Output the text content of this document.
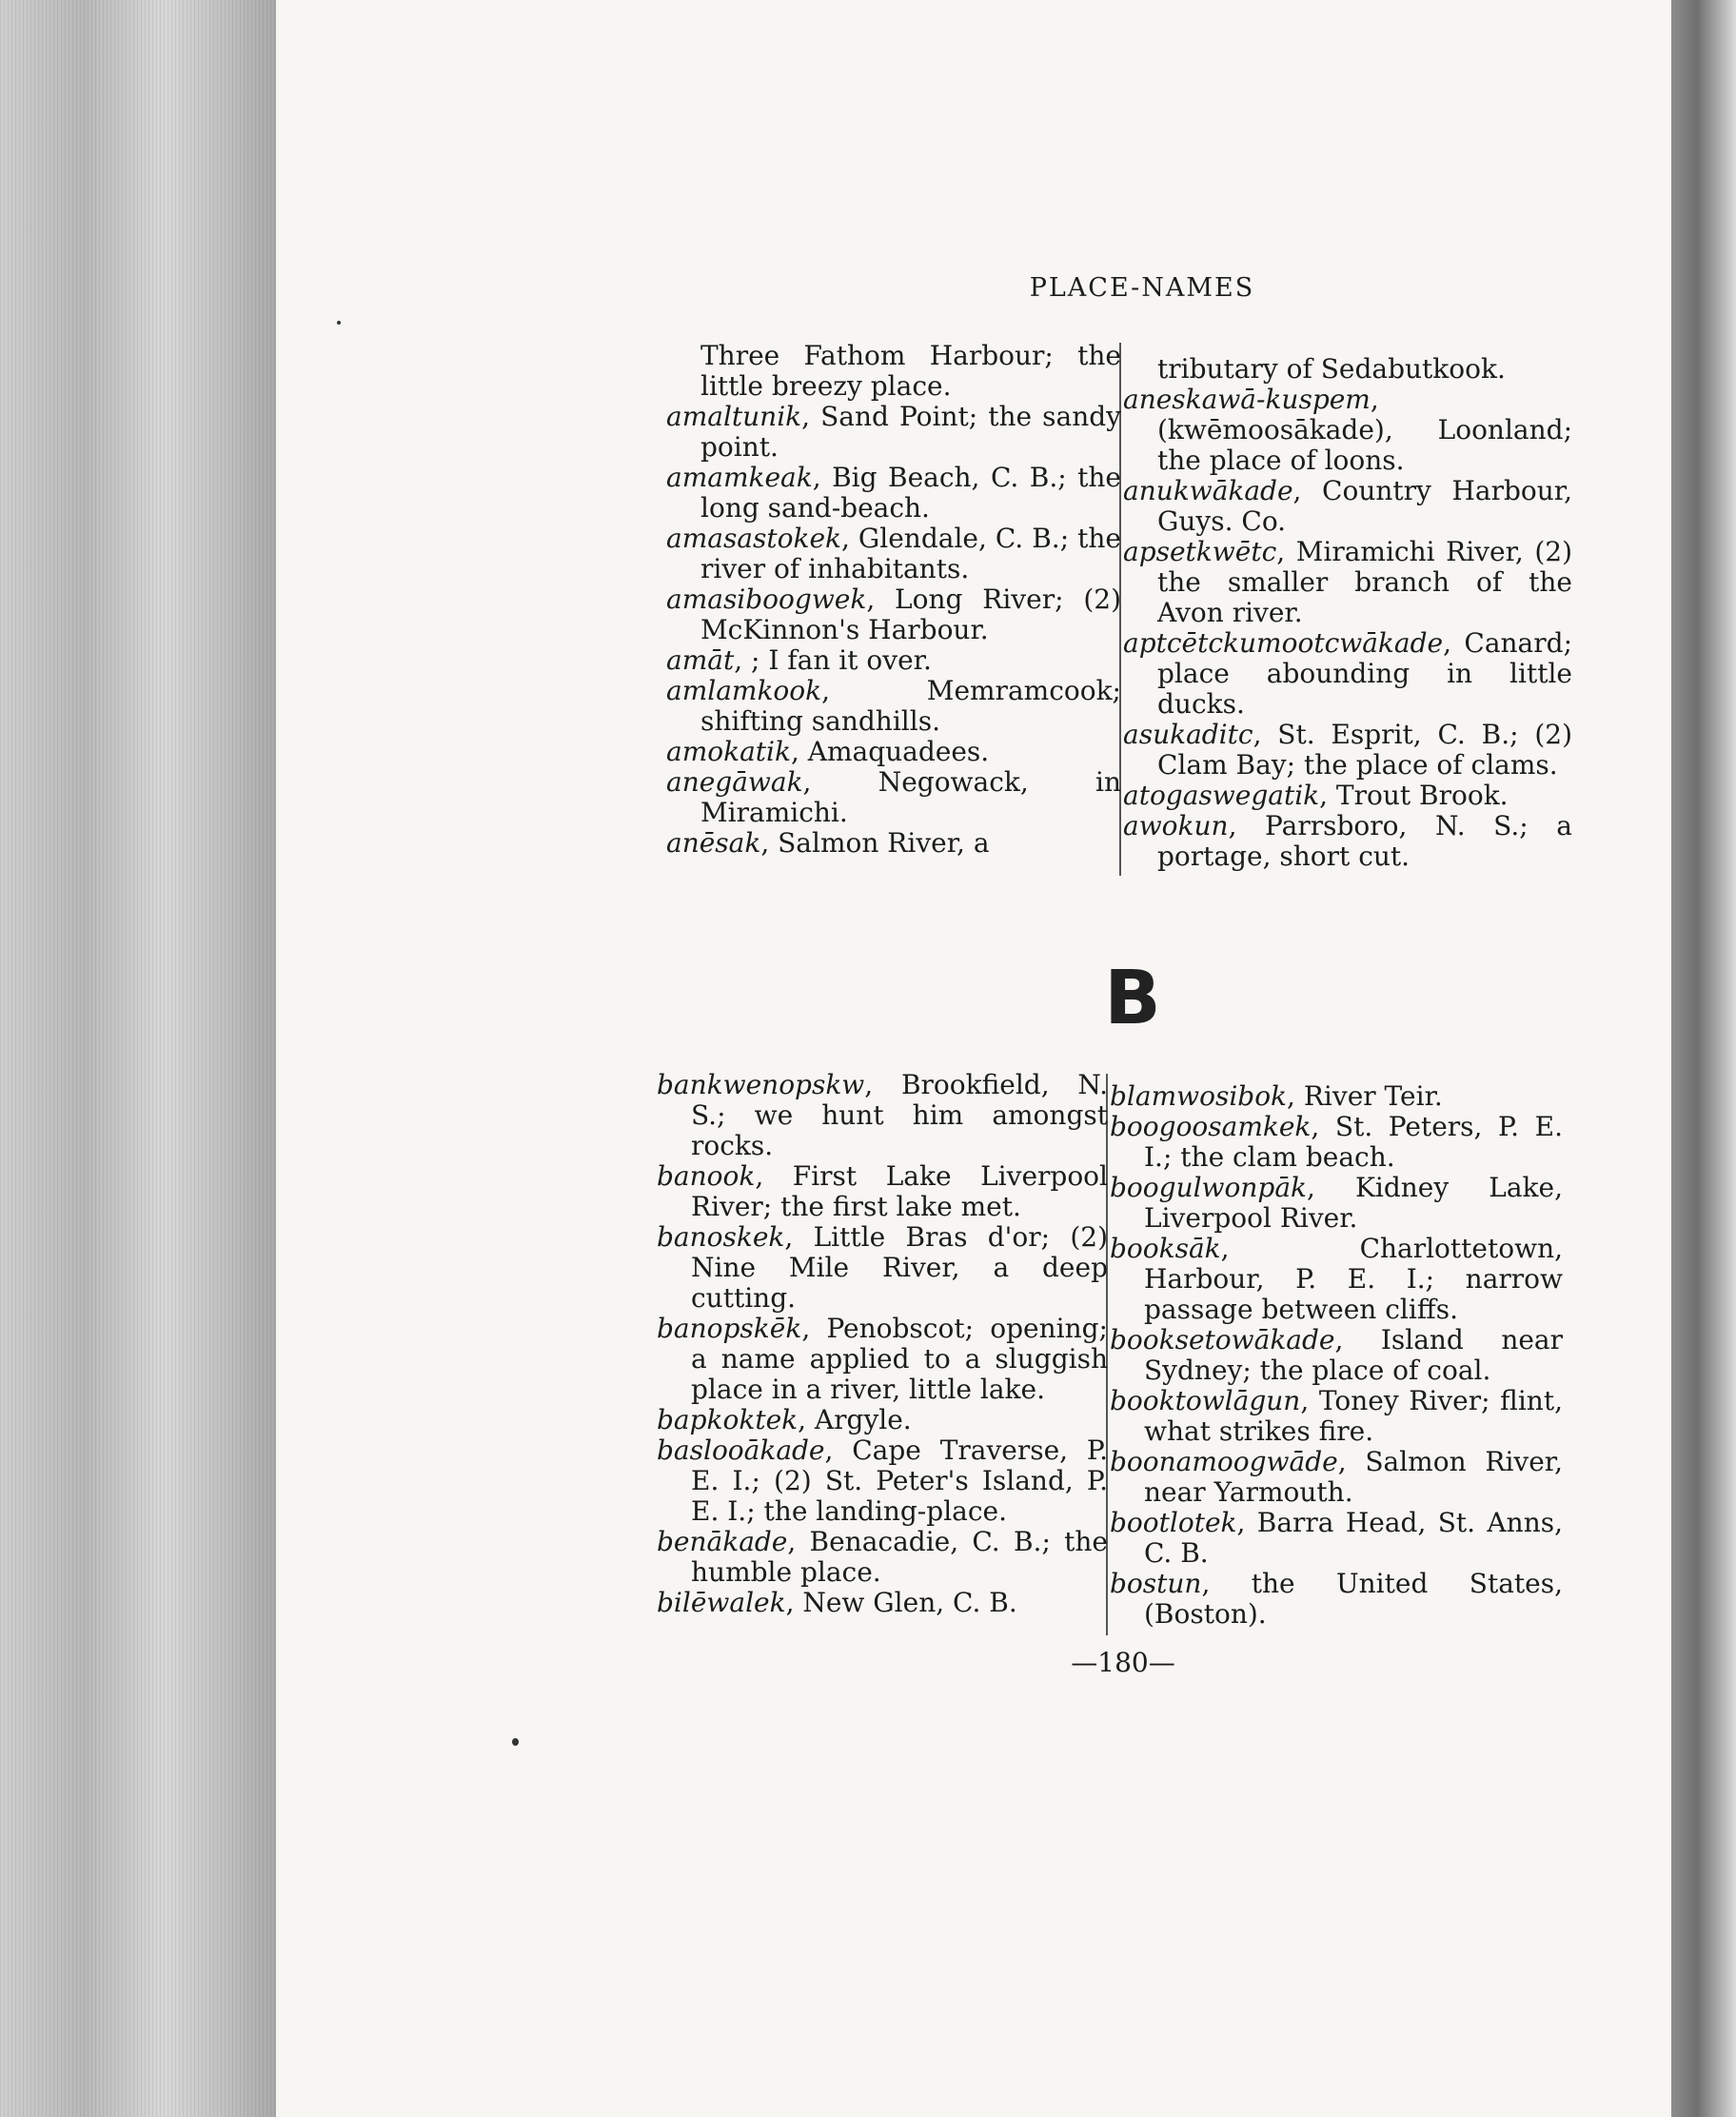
PLACE-NAMES
Three Fathom Harbour; the little breezy place.
amaltunik, Sand Point; the sandy point.
amamkeak, Big Beach, C. B.; the long sand-beach.
amasastokek, Glendale, C. B.; the river of inhabitants.
amasiboogwek, Long River; (2) McKinnon's Harbour.
amāt, ; I fan it over.
amlamkook, Memramcook; shifting sandhills.
amokatik, Amaquadees.
anegāwak, Negowack, in Miramichi.
anēsak, Salmon River, a
tributary of Sedabutkook.
aneskawā-kuspem, (kwēmoosākade), Loonland; the place of loons.
anukwākade, Country Harbour, Guys. Co.
apsetkwētc, Miramichi River, (2) the smaller branch of the Avon river.
aptcētckumootcwākade, Canard; place abounding in little ducks.
asukaditc, St. Esprit, C. B.; (2) Clam Bay; the place of clams.
atogaswegatik, Trout Brook.
awokun, Parrsboro, N. S.; a portage, short cut.
B
bankwenopskw, Brookfield, N. S.; we hunt him amongst rocks.
banook, First Lake Liverpool River; the first lake met.
banoskek, Little Bras d'or; (2) Nine Mile River, a deep cutting.
banopskēk, Penobscot; opening; a name applied to a sluggish place in a river, little lake.
bapkoktek, Argyle.
baslooākade, Cape Traverse, P. E. I.; (2) St. Peter's Island, P. E. I.; the landing-place.
benākade, Benacadie, C. B.; the humble place.
bilēwalek, New Glen, C. B.
blamwosibok, River Teir.
boogoosamkek, St. Peters, P. E. I.; the clam beach.
boogulwonpāk, Kidney Lake, Liverpool River.
booksāk, Charlottetown, Harbour, P. E. I.; narrow passage between cliffs.
booksetowākade, Island near Sydney; the place of coal.
booktowlāgun, Toney River; flint, what strikes fire.
boonamoogwāde, Salmon River, near Yarmouth.
bootlotek, Barra Head, St. Anns, C. B.
bostun, the United States, (Boston).
—180—
